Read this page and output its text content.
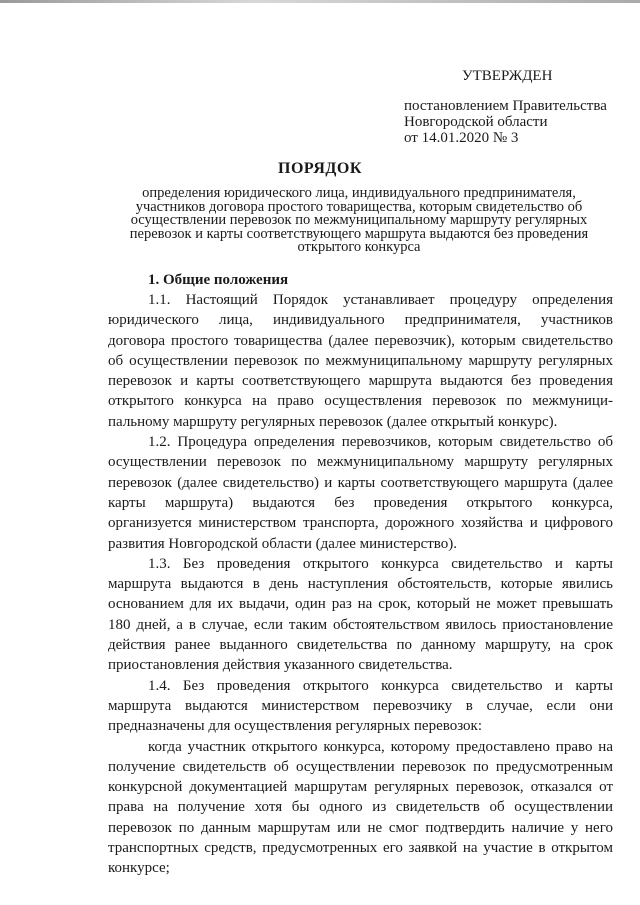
УТВЕРЖДЕН
постановлением Правительства
Новгородской области
от 14.01.2020 № 3
ПОРЯДОК
определения юридического лица, индивидуального предпринимателя,
участников договора простого товарищества, которым свидетельство об
осуществлении перевозок по межмуниципальному маршруту регулярных
перевозок и карты соответствующего маршрута выдаются без проведения
открытого конкурса
1. Общие положения
1.1. Настоящий Порядок устанавливает процедуру определения
юридического лица, индивидуального предпринимателя, участников
договора простого товарищества (далее перевозчик), которым свидетельство
об осуществлении перевозок по межмуниципальному маршруту регулярных
перевозок и карты соответствующего маршрута выдаются без проведения
открытого конкурса на право осуществления перевозок по межмуници-
пальному маршруту регулярных перевозок (далее открытый конкурс).
1.2. Процедура определения перевозчиков, которым свидетельство об
осуществлении перевозок по межмуниципальному маршруту регулярных
перевозок (далее свидетельство) и карты соответствующего маршрута (далее
карты маршрута) выдаются без проведения открытого конкурса,
организуется министерством транспорта, дорожного хозяйства и цифрового
развития Новгородской области (далее министерство).
1.3. Без проведения открытого конкурса свидетельство и карты
маршрута выдаются в день наступления обстоятельств, которые явились
основанием для их выдачи, один раз на срок, который не может превышать
180 дней, а в случае, если таким обстоятельством явилось приостановление
действия ранее выданного свидетельства по данному маршруту, на срок
приостановления действия указанного свидетельства.
1.4. Без проведения открытого конкурса свидетельство и карты
маршрута выдаются министерством перевозчику в случае, если они
предназначены для осуществления регулярных перевозок:
когда участник открытого конкурса, которому предоставлено право на
получение свидетельств об осуществлении перевозок по предусмотренным
конкурсной документацией маршрутам регулярных перевозок, отказался от
права на получение хотя бы одного из свидетельств об осуществлении
перевозок по данным маршрутам или не смог подтвердить наличие у него
транспортных средств, предусмотренных его заявкой на участие в открытом
конкурсе;
